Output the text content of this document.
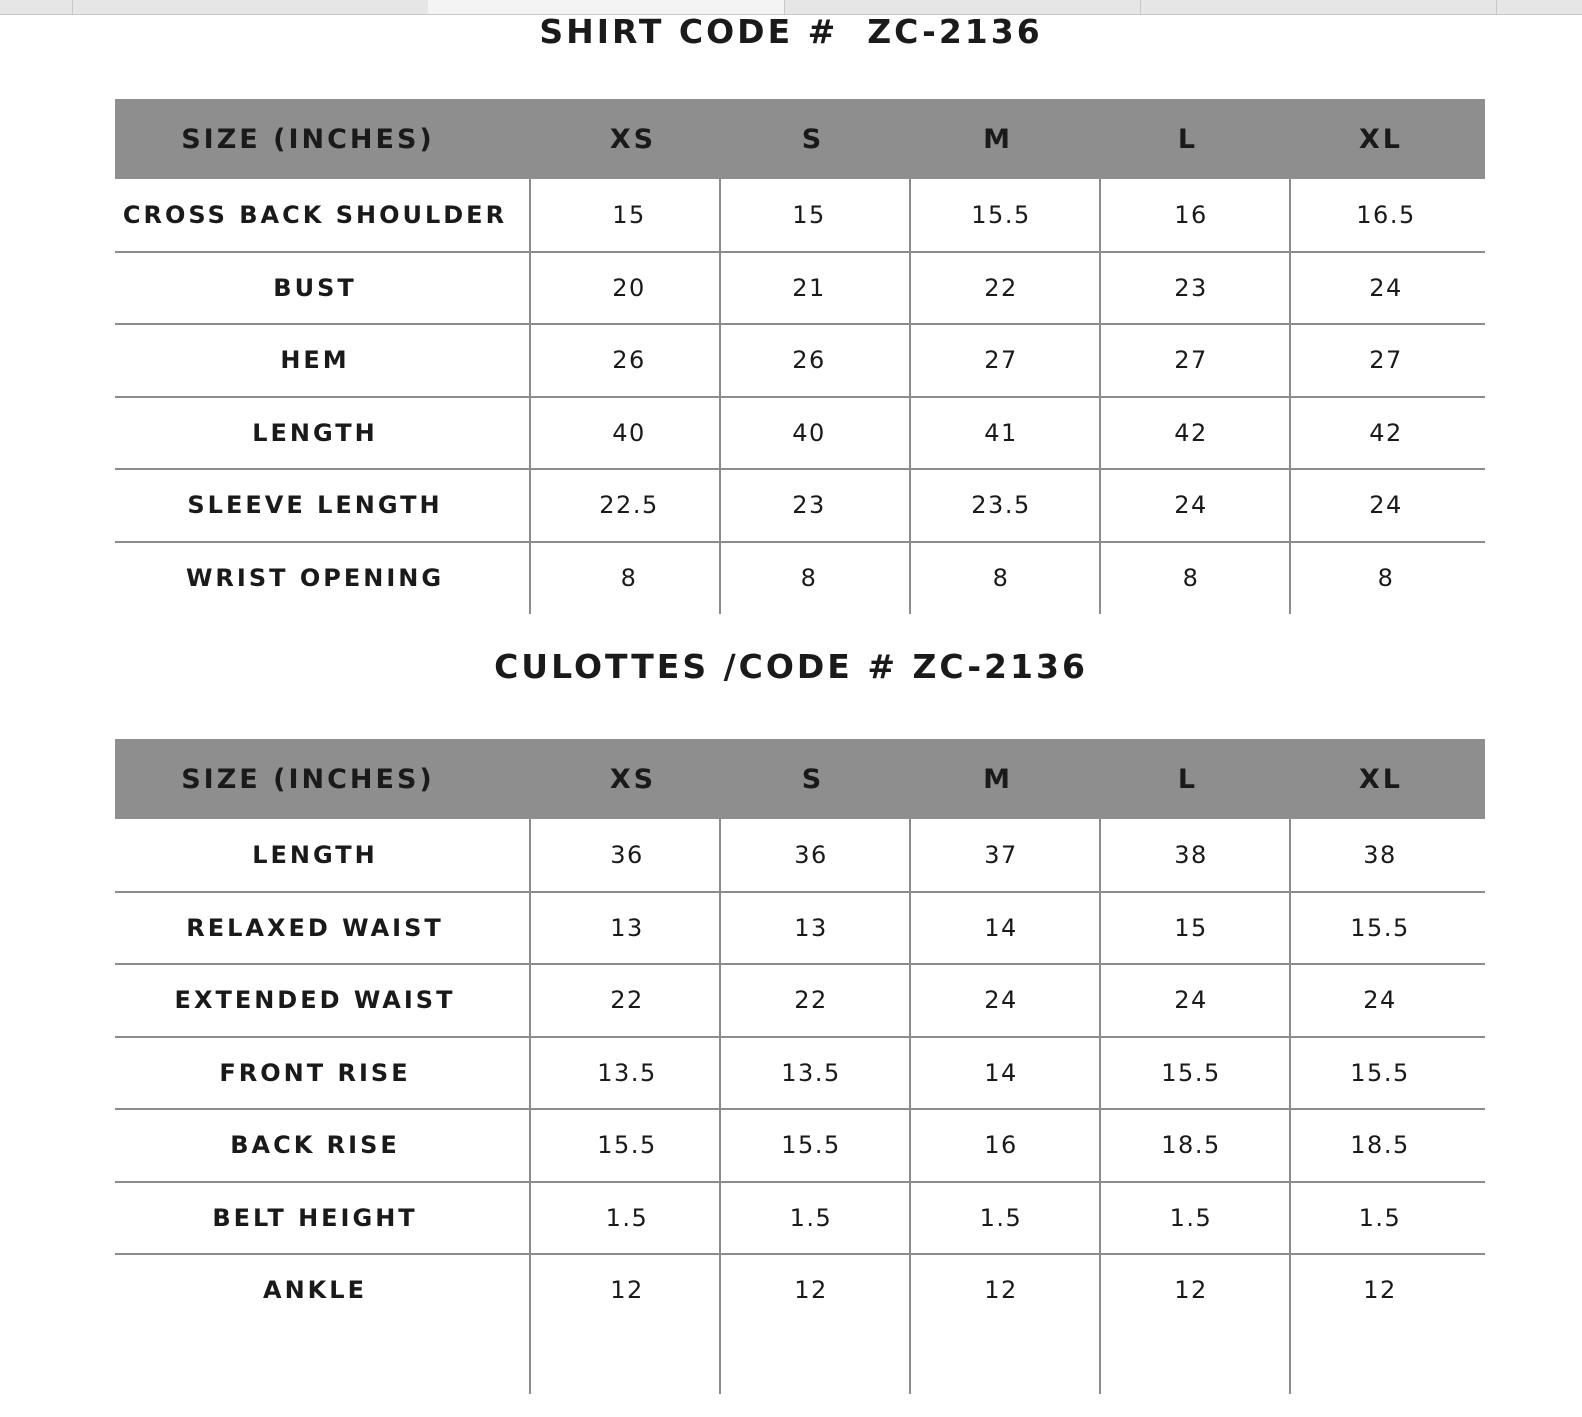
SHIRT CODE #  ZC-2136
SIZE (INCHES)	XS	S	M	L	XL
CROSS BACK SHOULDER	15	15	15.5	16	16.5
BUST	20	21	22	23	24
HEM	26	26	27	27	27
LENGTH	40	40	41	42	42
SLEEVE LENGTH	22.5	23	23.5	24	24
WRIST OPENING	8	8	8	8	8
CULOTTES /CODE # ZC-2136
SIZE (INCHES)	XS	S	M	L	XL
LENGTH	36	36	37	38	38
RELAXED WAIST	13	13	14	15	15.5
EXTENDED WAIST	22	22	24	24	24
FRONT RISE	13.5	13.5	14	15.5	15.5
BACK RISE	15.5	15.5	16	18.5	18.5
BELT HEIGHT	1.5	1.5	1.5	1.5	1.5
ANKLE	12	12	12	12	12
